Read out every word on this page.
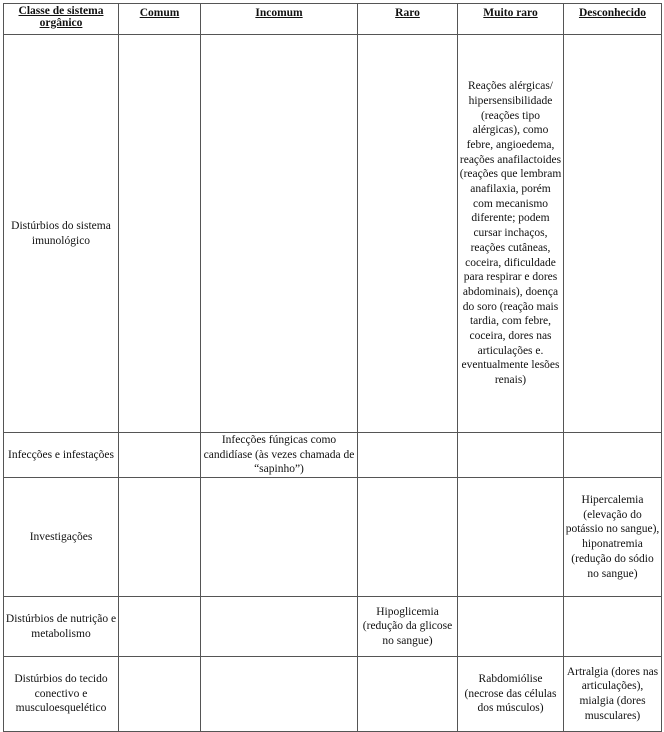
Classe de sistema orgânico	Comum	Incomum	Raro	Muito raro	Desconhecido
Distúrbios do sistema imunológico				Reações alérgicas/ hipersensibilidade (reações tipo alérgicas), como febre, angioedema, reações anafilactoides (reações que lembram anafilaxia, porém com mecanismo diferente; podem cursar inchaços, reações cutâneas, coceira, dificuldade para respirar e dores abdominais), doença do soro (reação mais tardia, com febre, coceira, dores nas articulações e. eventualmente lesões renais)	
Infecções e infestações		Infecções fúngicas como candidíase (às vezes chamada de “sapinho”)			
Investigações					Hipercalemia (elevação do potássio no sangue), hiponatremia (redução do sódio no sangue)
Distúrbios de nutrição e metabolismo			Hipoglicemia (redução da glicose no sangue)		
Distúrbios do tecido conectivo e musculoesquelético				Rabdomiólise (necrose das células dos músculos)	Artralgia (dores nas articulações), mialgia (dores musculares)
